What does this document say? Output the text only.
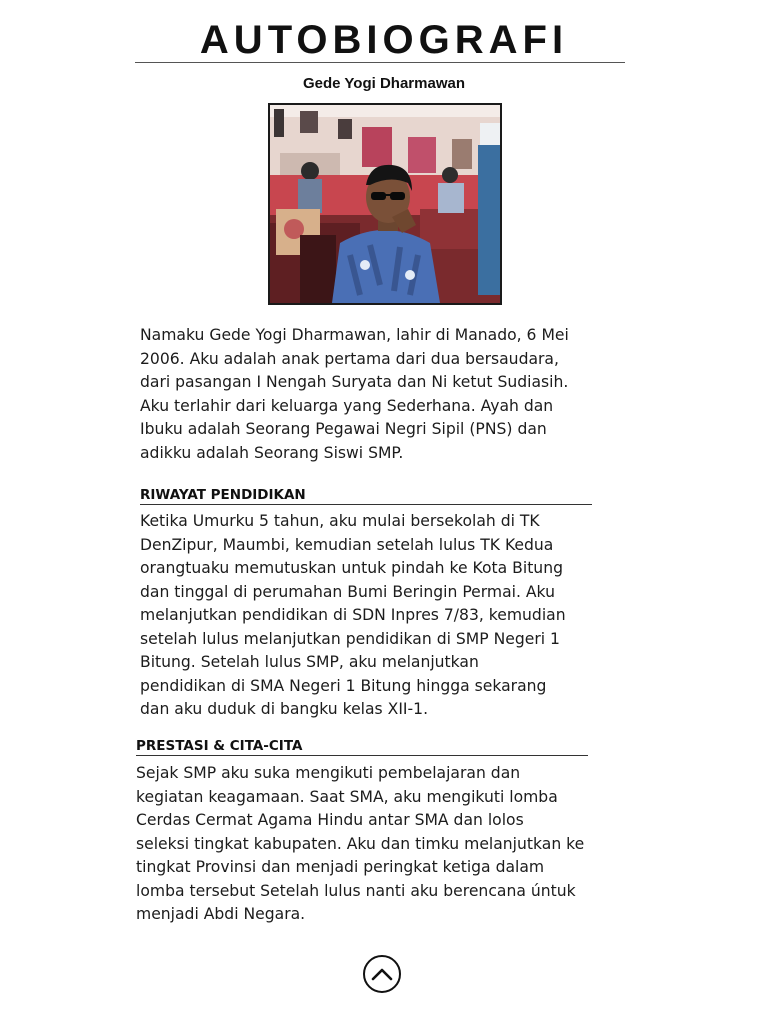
AUTOBIOGRAFI
Gede Yogi Dharmawan

Namaku Gede Yogi Dharmawan, lahir di Manado, 6 Mei
2006. Aku adalah anak pertama dari dua bersaudara,
dari pasangan I Nengah Suryata dan Ni ketut Sudiasih.
Aku terlahir dari keluarga yang Sederhana. Ayah dan
Ibuku adalah Seorang Pegawai Negri Sipil (PNS) dan
adikku adalah Seorang Siswi SMP.

RIWAYAT PENDIDIKAN

Ketika Umurku 5 tahun, aku mulai bersekolah di TK
DenZipur, Maumbi, kemudian setelah lulus TK Kedua
orangtuaku memutuskan untuk pindah ke Kota Bitung
dan tinggal di perumahan Bumi Beringin Permai. Aku
melanjutkan pendidikan di SDN Inpres 7/83, kemudian
setelah lulus melanjutkan pendidikan di SMP Negeri 1
Bitung. Setelah lulus SMP, aku melanjutkan
pendidikan di SMA Negeri 1 Bitung hingga sekarang
dan aku duduk di bangku kelas XII-1.

PRESTASI & CITA-CITA

Sejak SMP aku suka mengikuti pembelajaran dan
kegiatan keagamaan. Saat SMA, aku mengikuti lomba
Cerdas Cermat Agama Hindu antar SMA dan lolos
seleksi tingkat kabupaten. Aku dan timku melanjutkan ke
tingkat Provinsi dan menjadi peringkat ketiga dalam
lomba tersebut Setelah lulus nanti aku berencana úntuk
menjadi Abdi Negara.
